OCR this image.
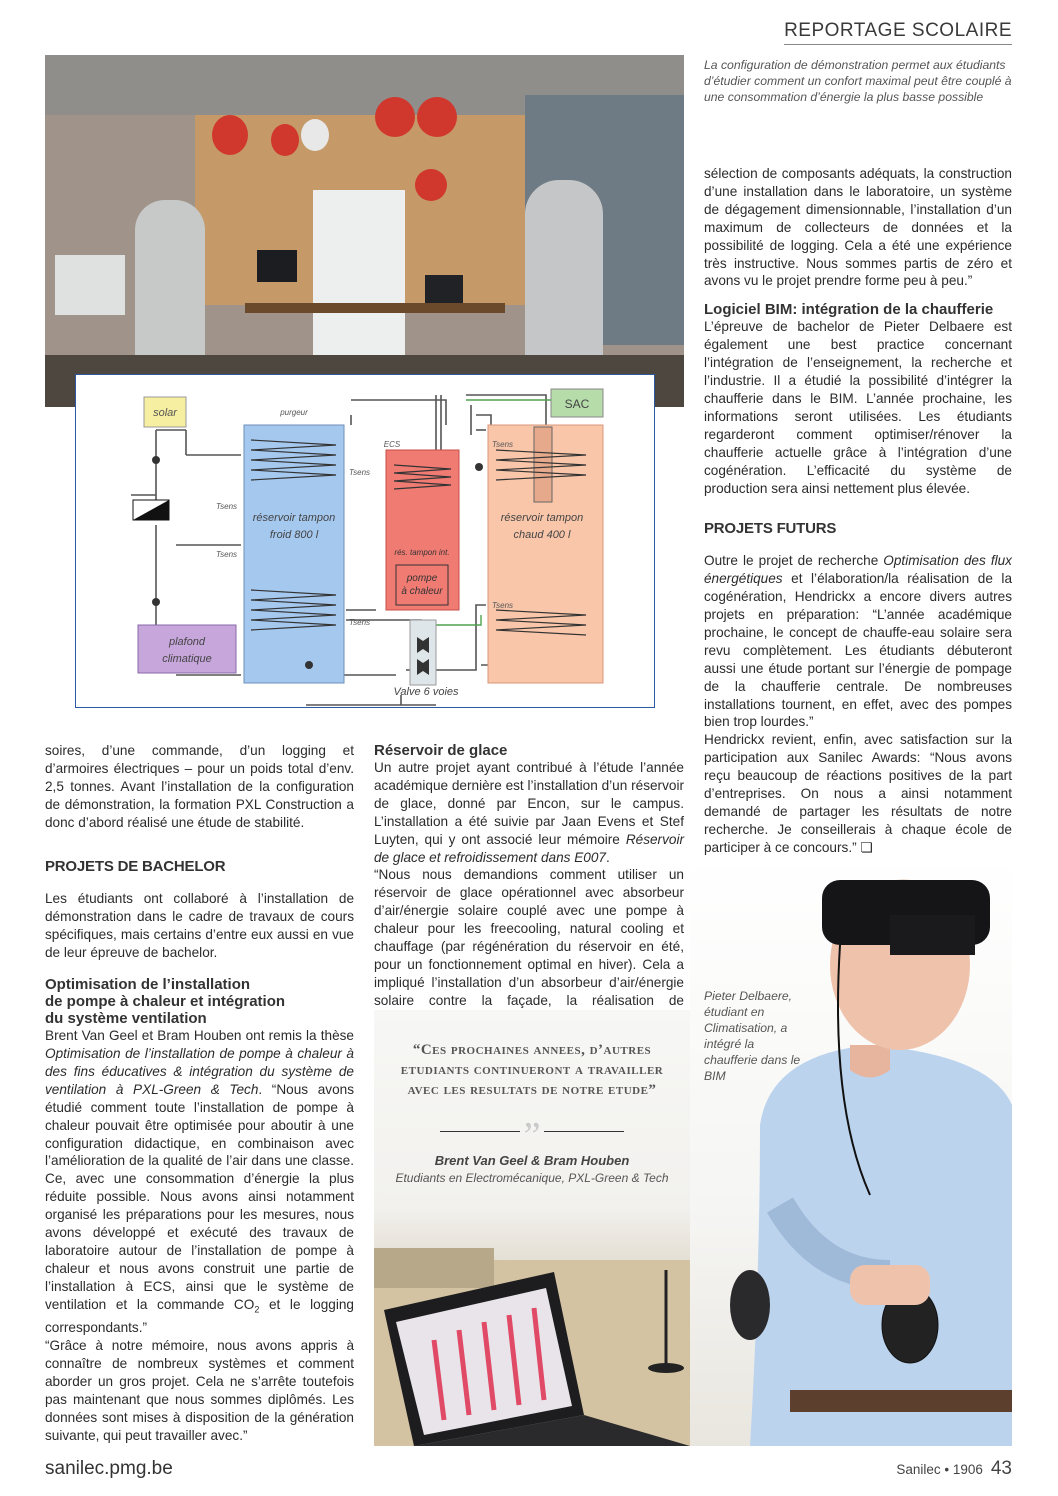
REPORTAGE SCOLAIRE
La configuration de démonstration permet aux étudiants d’étudier comment un confort maximal peut être couplé à une consommation d’énergie la plus basse possible
solar
SAC
réservoir tampon
froid 800 l
purgeur
pompe
à chaleur
rés. tampon int.
ECS
réservoir tampon
chaud 400 l
plafond
climatique
Valve 6 voies
Tsens
Tsens
Tsens
Tsens
Tsens
Tsens

sélection de composants adéquats, la construction d’une installation dans le laboratoire, un système de dégagement dimensionnable, l’installation d’un maximum de collecteurs de données et la possibilité de logging. Cela a été une expérience très instructive. Nous sommes partis de zéro et avons vu le projet prendre forme peu à peu.”

Logiciel BIM: intégration de la chaufferie

L’épreuve de bachelor de Pieter Delbaere est également une best practice concernant l’intégration de l’enseignement, la recherche et l’industrie. Il a étudié la possibilité d’intégrer la chaufferie dans le BIM. L’année prochaine, les informations seront utilisées. Les étudiants regarderont comment optimiser/rénover la chaufferie actuelle grâce à l’intégration d’une cogénération. L’efficacité du système de production sera ainsi nettement plus élevée.

PROJETS FUTURS

Outre le projet de recherche Optimisation des flux énergétiques et l’élaboration/la réalisation de la cogénération, Hendrickx a encore divers autres projets en préparation: “L’année académique prochaine, le concept de chauffe-eau solaire sera revu complètement. Les étudiants débuteront aussi une étude portant sur l’énergie de pompage de la chaufferie centrale. De nombreuses installations tournent, en effet, avec des pompes bien trop lourdes.”

Hendrickx revient, enfin, avec satisfaction sur la participation aux Sanilec Awards: “Nous avons reçu beaucoup de réactions positives de la part d’entreprises. On nous a ainsi notamment demandé de partager les résultats de notre recherche. Je conseillerais à chaque école de participer à ce concours.” ❏

soires, d’une commande, d’un logging et d’armoires électriques – pour un poids total d’env. 2,5 tonnes. Avant l’installation de la configuration de démonstration, la formation PXL Construction a donc d’abord réalisé une étude de stabilité.

PROJETS DE BACHELOR

Les étudiants ont collaboré à l’installation de démonstration dans le cadre de travaux de cours spécifiques, mais certains d’entre eux aussi en vue de leur épreuve de bachelor.

Optimisation de l’installation
de pompe à chaleur et intégration
du système ventilation

Brent Van Geel et Bram Houben ont remis la thèse Optimisation de l’installation de pompe à chaleur à des fins éducatives & intégration du système de ventilation à PXL-Green & Tech. “Nous avons étudié comment toute l’installation de pompe à chaleur pouvait être optimisée pour aboutir à une configuration didactique, en combinaison avec l’amélioration de la qualité de l’air dans une classe. Ce, avec une consommation d’énergie la plus réduite possible. Nous avons ainsi notamment organisé les préparations pour les mesures, nous avons développé et exécuté des travaux de laboratoire autour de l’installation de pompe à chaleur et nous avons construit une partie de l’installation à ECS, ainsi que le système de ventilation et la commande $CO_2$ et le logging correspondants.”

“Grâce à notre mémoire, nous avons appris à connaître de nombreux systèmes et comment aborder un gros projet. Cela ne s’arrête toutefois pas maintenant que nous sommes diplômés. Les données sont mises à disposition de la génération suivante, qui peut travailler avec.”

Réservoir de glace

Un autre projet ayant contribué à l’étude l’année académique dernière est l’installation d’un réservoir de glace, donné par Encon, sur le campus. L’installation a été suivie par Jaan Evens et Stef Luyten, qui y ont associé leur mémoire Réservoir de glace et refroidissement dans E007.

“Nous nous demandions comment utiliser un réservoir de glace opérationnel avec absorbeur d’air/énergie solaire couplé avec une pompe à chaleur pour les freecooling, natural cooling et chauffage (par régénération du réservoir en été, pour un fonctionnement optimal en hiver). Cela a impliqué l’installation d’un absorbeur d’air/énergie solaire contre la façade, la réalisation de

“Ces prochaines annees, d’autres
etudiants continueront a travailler
avec les resultats de notre etude”
”
Brent Van Geel & Bram Houben
Etudiants en Electromécanique, PXL-Green & Tech
Pieter Delbaere, étudiant en Climatisation, a intégré la chaufferie dans le BIM
sanilec.pmg.be	Sanilec • 1906 43
